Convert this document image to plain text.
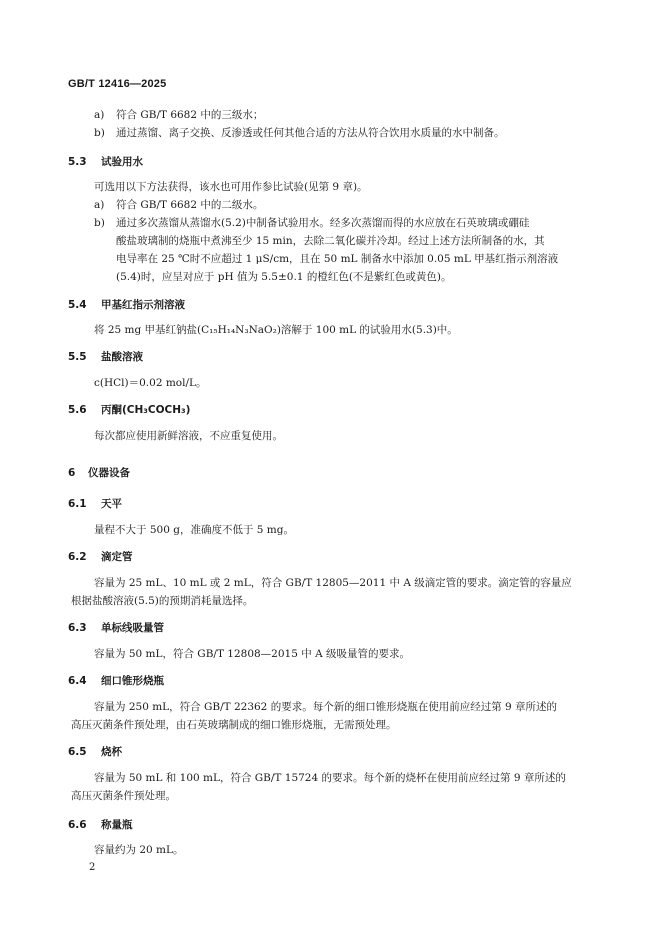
GB/T 12416—2025
a) 符合 GB/T 6682 中的三级水；
b) 通过蒸馏、离子交换、反渗透或任何其他合适的方法从符合饮用水质量的水中制备。
5.3 试验用水
可选用以下方法获得，该水也可用作参比试验(见第 9 章)。
a) 符合 GB/T 6682 中的二级水。
b) 通过多次蒸馏从蒸馏水(5.2)中制备试验用水。经多次蒸馏而得的水应放在石英玻璃或硼硅
酸盐玻璃制的烧瓶中煮沸至少 15 min，去除二氧化碳并冷却。经过上述方法所制备的水，其
电导率在 25 ℃时不应超过 1 μS/cm，且在 50 mL 制备水中添加 0.05 mL 甲基红指示剂溶液
(5.4)时，应呈对应于 pH 值为 5.5±0.1 的橙红色(不是紫红色或黄色)。
5.4 甲基红指示剂溶液
将 25 mg 甲基红钠盐(C₁₅H₁₄N₃NaO₂)溶解于 100 mL 的试验用水(5.3)中。
5.5 盐酸溶液
c(HCl)＝0.02 mol/L。
5.6 丙酮(CH₃COCH₃)
每次都应使用新鲜溶液，不应重复使用。
6 仪器设备
6.1 天平
量程不大于 500 g，准确度不低于 5 mg。
6.2 滴定管
容量为 25 mL、10 mL 或 2 mL，符合 GB/T 12805—2011 中 A 级滴定管的要求。滴定管的容量应
根据盐酸溶液(5.5)的预期消耗量选择。
6.3 单标线吸量管
容量为 50 mL，符合 GB/T 12808—2015 中 A 级吸量管的要求。
6.4 细口锥形烧瓶
容量为 250 mL，符合 GB/T 22362 的要求。每个新的细口锥形烧瓶在使用前应经过第 9 章所述的
高压灭菌条件预处理，由石英玻璃制成的细口锥形烧瓶，无需预处理。
6.5 烧杯
容量为 50 mL 和 100 mL，符合 GB/T 15724 的要求。每个新的烧杯在使用前应经过第 9 章所述的
高压灭菌条件预处理。
6.6 称量瓶
容量约为 20 mL。
2
